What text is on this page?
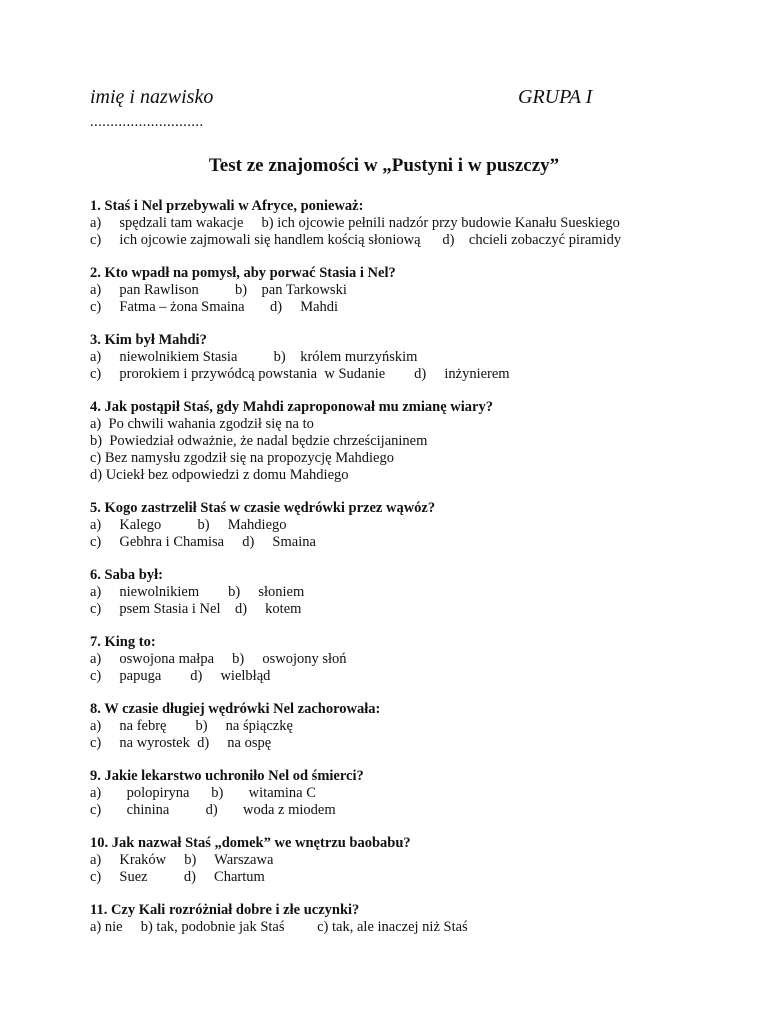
imię i nazwisko	GRUPA I
............................
Test ze znajomości w „Pustyni i w puszczy”
1. Staś i Nel przebywali w Afryce, ponieważ:
a)     spędzali tam wakacje     b) ich ojcowie pełnili nadzór przy budowie Kanału Sueskiego
c)     ich ojcowie zajmowali się handlem kością słoniową      d)    chcieli zobaczyć piramidy
2. Kto wpadł na pomysł, aby porwać Stasia i Nel?
a)     pan Rawlison          b)    pan Tarkowski
c)     Fatma – żona Smaina       d)     Mahdi
3. Kim był Mahdi?
a)     niewolnikiem Stasia          b)    królem murzyńskim
c)     prorokiem i przywódcą powstania  w Sudanie        d)     inżynierem
4. Jak postąpił Staś, gdy Mahdi zaproponował mu zmianę wiary?
a)  Po chwili wahania zgodził się na to
b)  Powiedział odważnie, że nadal będzie chrześcijaninem
c) Bez namysłu zgodził się na propozycję Mahdiego
d) Uciekł bez odpowiedzi z domu Mahdiego
5. Kogo zastrzelił Staś w czasie wędrówki przez wąwóz?
a)     Kalego          b)     Mahdiego
c)     Gebhra i Chamisa     d)     Smaina
6. Saba był:
a)     niewolnikiem        b)     słoniem
c)     psem Stasia i Nel    d)     kotem
7. King to:
a)     oswojona małpa     b)     oswojony słoń
c)     papuga        d)     wielbłąd
8. W czasie długiej wędrówki Nel zachorowała:
a)     na febrę        b)     na śpiączkę
c)     na wyrostek  d)     na ospę
9. Jakie lekarstwo uchroniło Nel od śmierci?
a)       polopiryna      b)       witamina C
c)       chinina          d)       woda z miodem
10. Jak nazwał Staś „domek” we wnętrzu baobabu?
a)     Kraków     b)     Warszawa
c)     Suez          d)     Chartum
11. Czy Kali rozróżniał dobre i złe uczynki?
a) nie     b) tak, podobnie jak Staś         c) tak, ale inaczej niż Staś
